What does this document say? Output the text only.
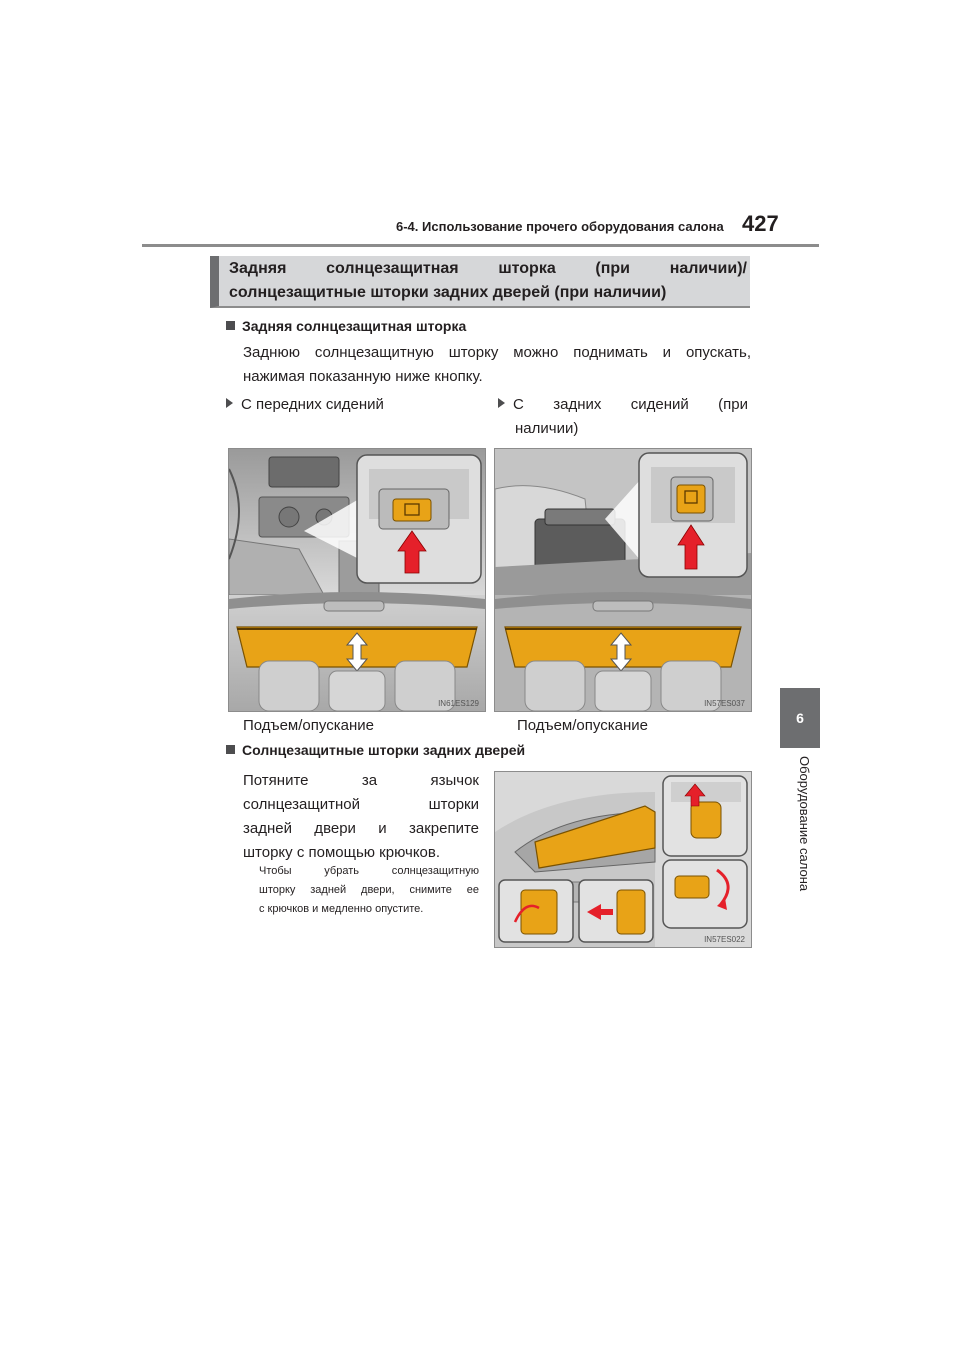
6-4. Использование прочего оборудования салона 427
6
Оборудование салона
Задняя солнцезащитная шторка (при наличии)/
солнцезащитные шторки задних дверей (при наличии)
Задняя солнцезащитная шторка
Заднюю солнцезащитную шторку можно поднимать и опускать,
нажимая показанную ниже кнопку.
С передних сидений	С задних сидений (при
наличии)
IN61ES129	IN57ES037
Подъем/опускание	Подъем/опускание
Солнцезащитные шторки задних дверей
Потяните за язычок
солнцезащитной шторки
задней двери и закрепите
шторку с помощью крючков.
Чтобы убрать солнцезащитную
шторку задней двери, снимите ее
с крючков и медленно опустите.
IN57ES022
